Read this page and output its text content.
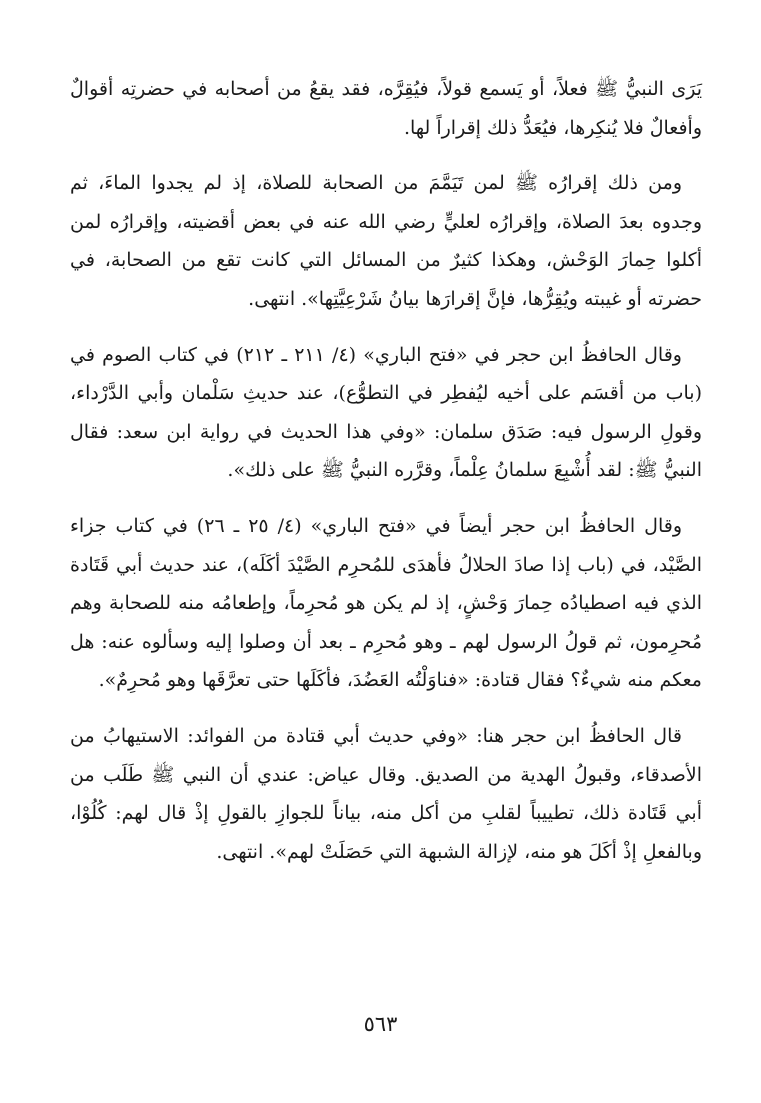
يَرَى النبيُّ ﷺ فعلاً، أو يَسمع قولاً، فيُقِرَّه، فقد يقعُ من أصحابه في حضرتِه أقوالٌ وأفعالٌ فلا يُنكِرها، فيُعَدُّ ذلك إقراراً لها.

ومن ذلك إقرارُه ﷺ لمن تَيَمَّمَ من الصحابة للصلاة، إذ لم يجدوا الماءَ، ثم وجدوه بعدَ الصلاة، وإقرارُه لعليٍّ رضي الله عنه في بعض أقضيته، وإقرارُه لمن أكلوا حِمارَ الوَحْش، وهكذا كثيرٌ من المسائل التي كانت تقع من الصحابة، في حضرته أو غيبته ويُقِرُّها، فإنَّ إقرارَها بيانُ شَرْعِيَّتِها». انتهى.

وقال الحافظُ ابن حجر في «فتح الباري» (٤/ ٢١١ ـ ٢١٢) في كتاب الصوم في (باب من أقسَم على أخيه ليُفطِر في التطوُّع)، عند حديثِ سَلْمان وأبي الدَّرْداء، وقولِ الرسول فيه: صَدَق سلمان: «وفي هذا الحديث في رواية ابن سعد: فقال النبيُّ ﷺ: لقد أُشْبِعَ سلمانُ عِلْماً، وقرَّره النبيُّ ﷺ على ذلك».

وقال الحافظُ ابن حجر أيضاً في «فتح الباري» (٤/ ٢٥ ـ ٢٦) في كتاب جزاء الصَّيْد، في (باب إذا صادَ الحلالُ فأهدَى للمُحرِم الصَّيْدَ أكَلَه)، عند حديث أبي قَتَادة الذي فيه اصطيادُه حِمارَ وَحْشٍ، إذ لم يكن هو مُحرِماً، وإطعامُه منه للصحابة وهم مُحرِمون، ثم قولُ الرسول لهم ـ وهو مُحرِم ـ بعد أن وصلوا إليه وسألوه عنه: هل معكم منه شيءٌ؟ فقال قتادة: «فناوَلْتُه العَضُدَ، فأكَلَها حتى تعرَّقَها وهو مُحرِمٌ».

قال الحافظُ ابن حجر هنا: «وفي حديث أبي قتادة من الفوائد: الاستيهابُ من الأصدقاء، وقبولُ الهدية من الصديق. وقال عياض: عندي أن النبي ﷺ طَلَب من أبي قَتَادة ذلك، تطييباً لقلبِ من أكل منه، بياناً للجوازِ بالقولِ إذْ قال لهم: كُلُوْا، وبالفعلِ إذْ أكَلَ هو منه، لإزالة الشبهة التي حَصَلَتْ لهم». انتهى.

٥٦٣
